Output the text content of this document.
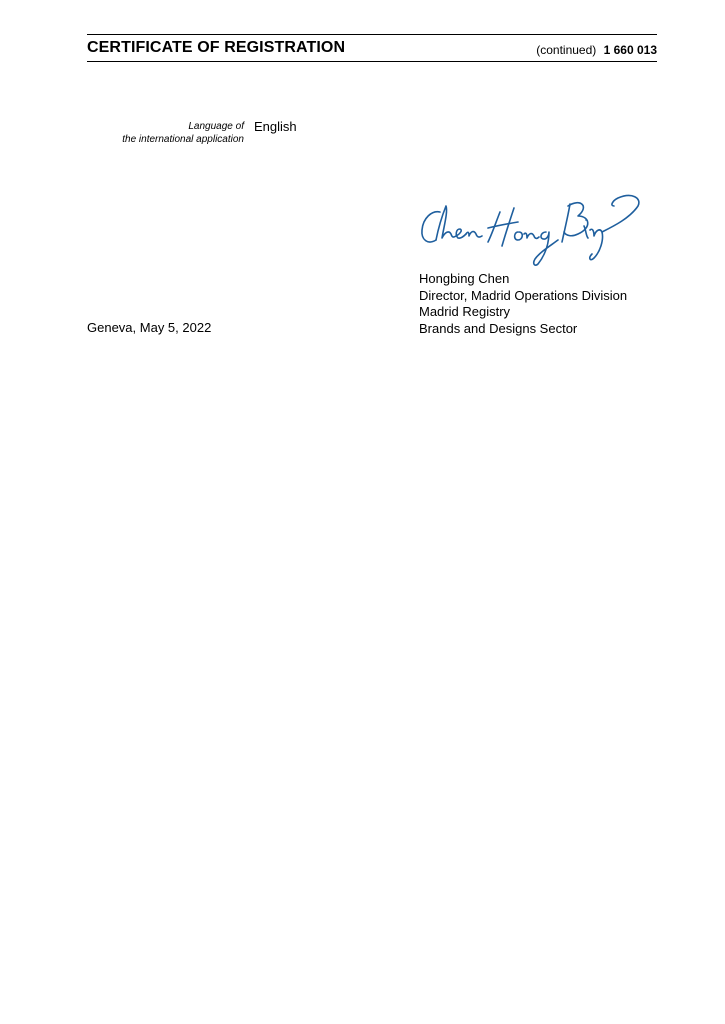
CERTIFICATE OF REGISTRATION	(continued) 1 660 013
Language of
the international application
English
Hongbing Chen
Director, Madrid Operations Division
Madrid Registry
Brands and Designs Sector
Geneva, May 5, 2022
